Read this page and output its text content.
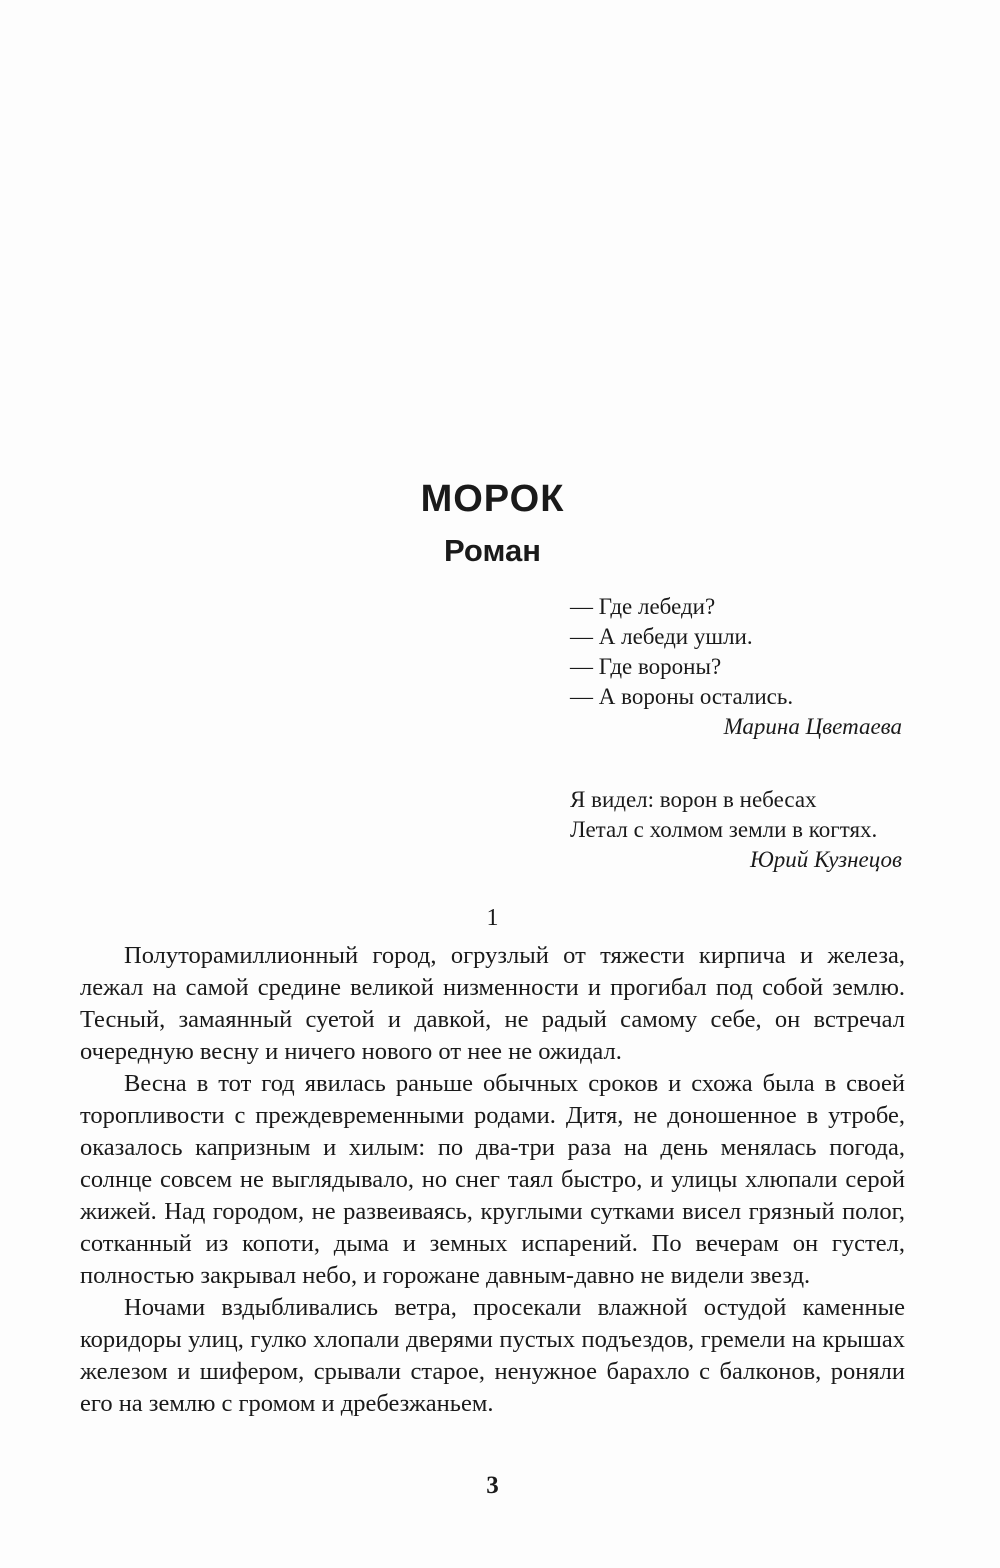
МОРОК
Роман
— Где лебеди?
— А лебеди ушли.
— Где вороны?
— А вороны остались.
Марина Цветаева
Я видел: ворон в небесах
Летал с холмом земли в когтях.
Юрий Кузнецов
1

Полуторамиллионный город, огрузлый от тяжести кирпича и железа, лежал на самой средине великой низменности и прогибал под собой землю. Тесный, замаянный суетой и давкой, не радый самому себе, он встречал очередную весну и ничего нового от нее не ожидал.

Весна в тот год явилась раньше обычных сроков и схожа была в своей торопливости с преждевременными родами. Дитя, не доношенное в утробе, оказалось капризным и хилым: по два-три раза на день менялась погода, солнце совсем не выглядывало, но снег таял быстро, и улицы хлюпали серой жижей. Над городом, не развеиваясь, круглыми сутками висел грязный полог, сотканный из копоти, дыма и земных испарений. По вечерам он густел, полностью закрывал небо, и горожане давным-давно не видели звезд.

Ночами вздыбливались ветра, просекали влажной остудой каменные коридоры улиц, гулко хлопали дверями пустых подъездов, гремели на крышах железом и шифером, срывали старое, ненужное барахло с балконов, роняли его на землю с громом и дребезжаньем.

3
